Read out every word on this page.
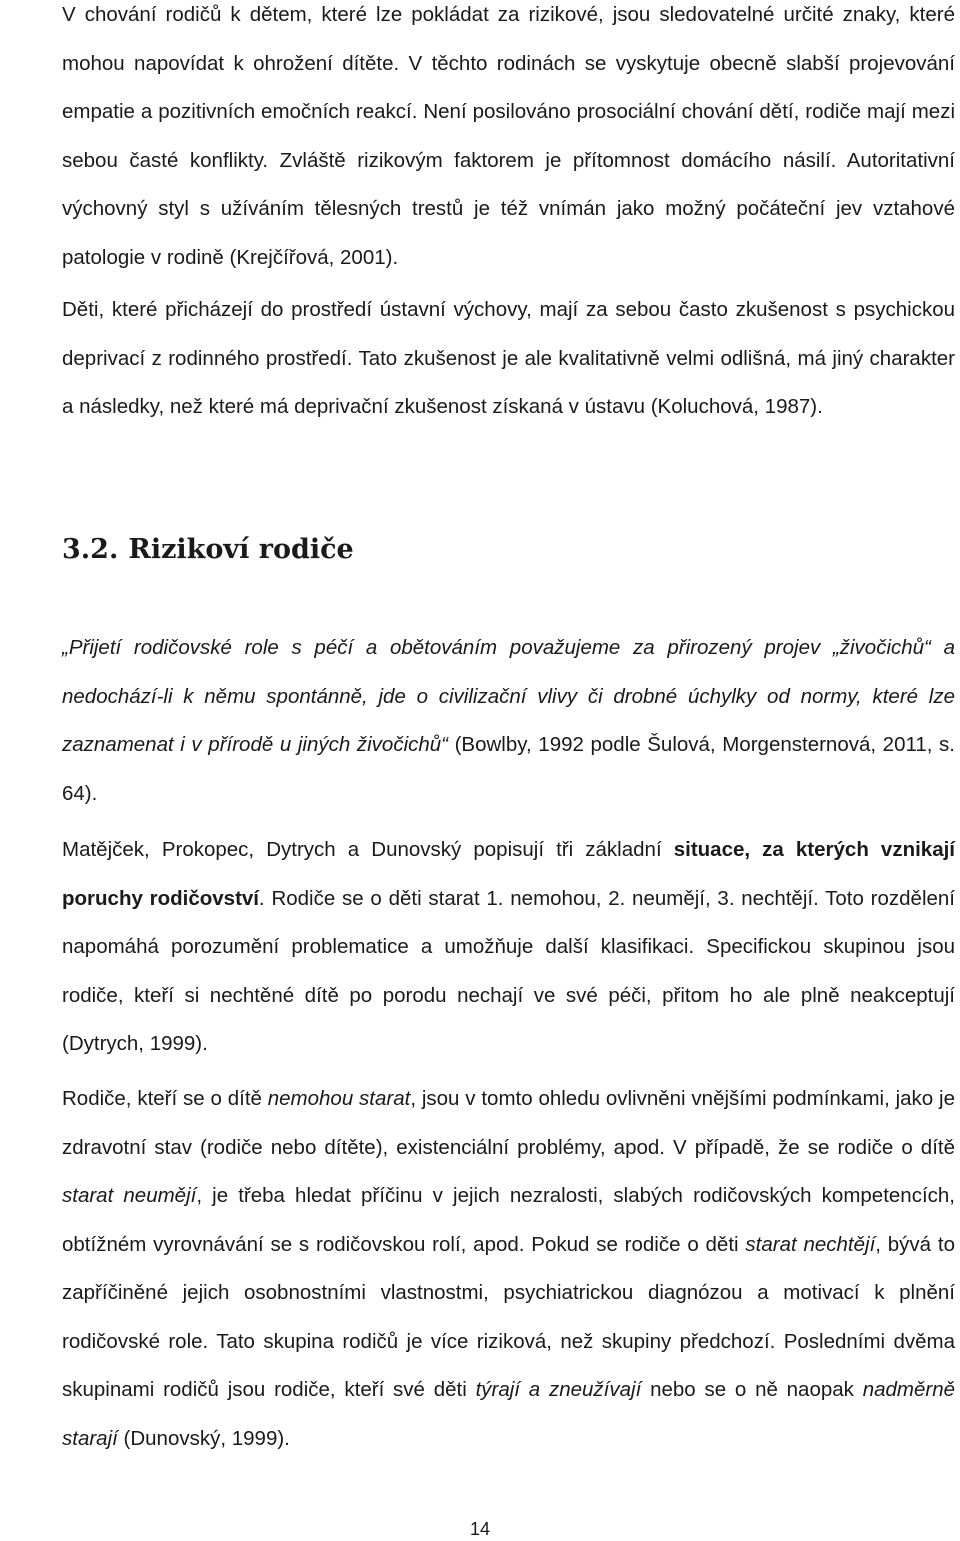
V chování rodičů k dětem, které lze pokládat za rizikové, jsou sledovatelné určité znaky, které mohou napovídat k ohrožení dítěte. V těchto rodinách se vyskytuje obecně slabší projevování empatie a pozitivních emočních reakcí. Není posilováno prosociální chování dětí, rodiče mají mezi sebou časté konflikty. Zvláště rizikovým faktorem je přítomnost domácího násilí. Autoritativní výchovný styl s užíváním tělesných trestů je též vnímán jako možný počáteční jev vztahové patologie v rodině (Krejčířová, 2001).

Děti, které přicházejí do prostředí ústavní výchovy, mají za sebou často zkušenost s psychickou deprivací z rodinného prostředí. Tato zkušenost je ale kvalitativně velmi odlišná, má jiný charakter a následky, než které má deprivační zkušenost získaná v ústavu (Koluchová, 1987).

3.2. Rizikoví rodiče

„Přijetí rodičovské role s péčí a obětováním považujeme za přirozený projev „živočichů“ a nedochází-li k němu spontánně, jde o civilizační vlivy či drobné úchylky od normy, které lze zaznamenat i v přírodě u jiných živočichů“ (Bowlby, 1992 podle Šulová, Morgensternová, 2011, s. 64).

Matějček, Prokopec, Dytrych a Dunovský popisují tři základní situace, za kterých vznikají poruchy rodičovství. Rodiče se o děti starat 1. nemohou, 2. neumějí, 3. nechtějí. Toto rozdělení napomáhá porozumění problematice a umožňuje další klasifikaci. Specifickou skupinou jsou rodiče, kteří si nechtěné dítě po porodu nechají ve své péči, přitom ho ale plně neakceptují (Dytrych, 1999).

Rodiče, kteří se o dítě nemohou starat, jsou v tomto ohledu ovlivněni vnějšími podmínkami, jako je zdravotní stav (rodiče nebo dítěte), existenciální problémy, apod. V případě, že se rodiče o dítě starat neumějí, je třeba hledat příčinu v jejich nezralosti, slabých rodičovských kompetencích, obtížném vyrovnávání se s rodičovskou rolí, apod. Pokud se rodiče o děti starat nechtějí, bývá to zapříčiněné jejich osobnostními vlastnostmi, psychiatrickou diagnózou a motivací k plnění rodičovské role. Tato skupina rodičů je více riziková, než skupiny předchozí. Posledními dvěma skupinami rodičů jsou rodiče, kteří své děti týrají a zneužívají nebo se o ně naopak nadměrně starají (Dunovský, 1999).

14
